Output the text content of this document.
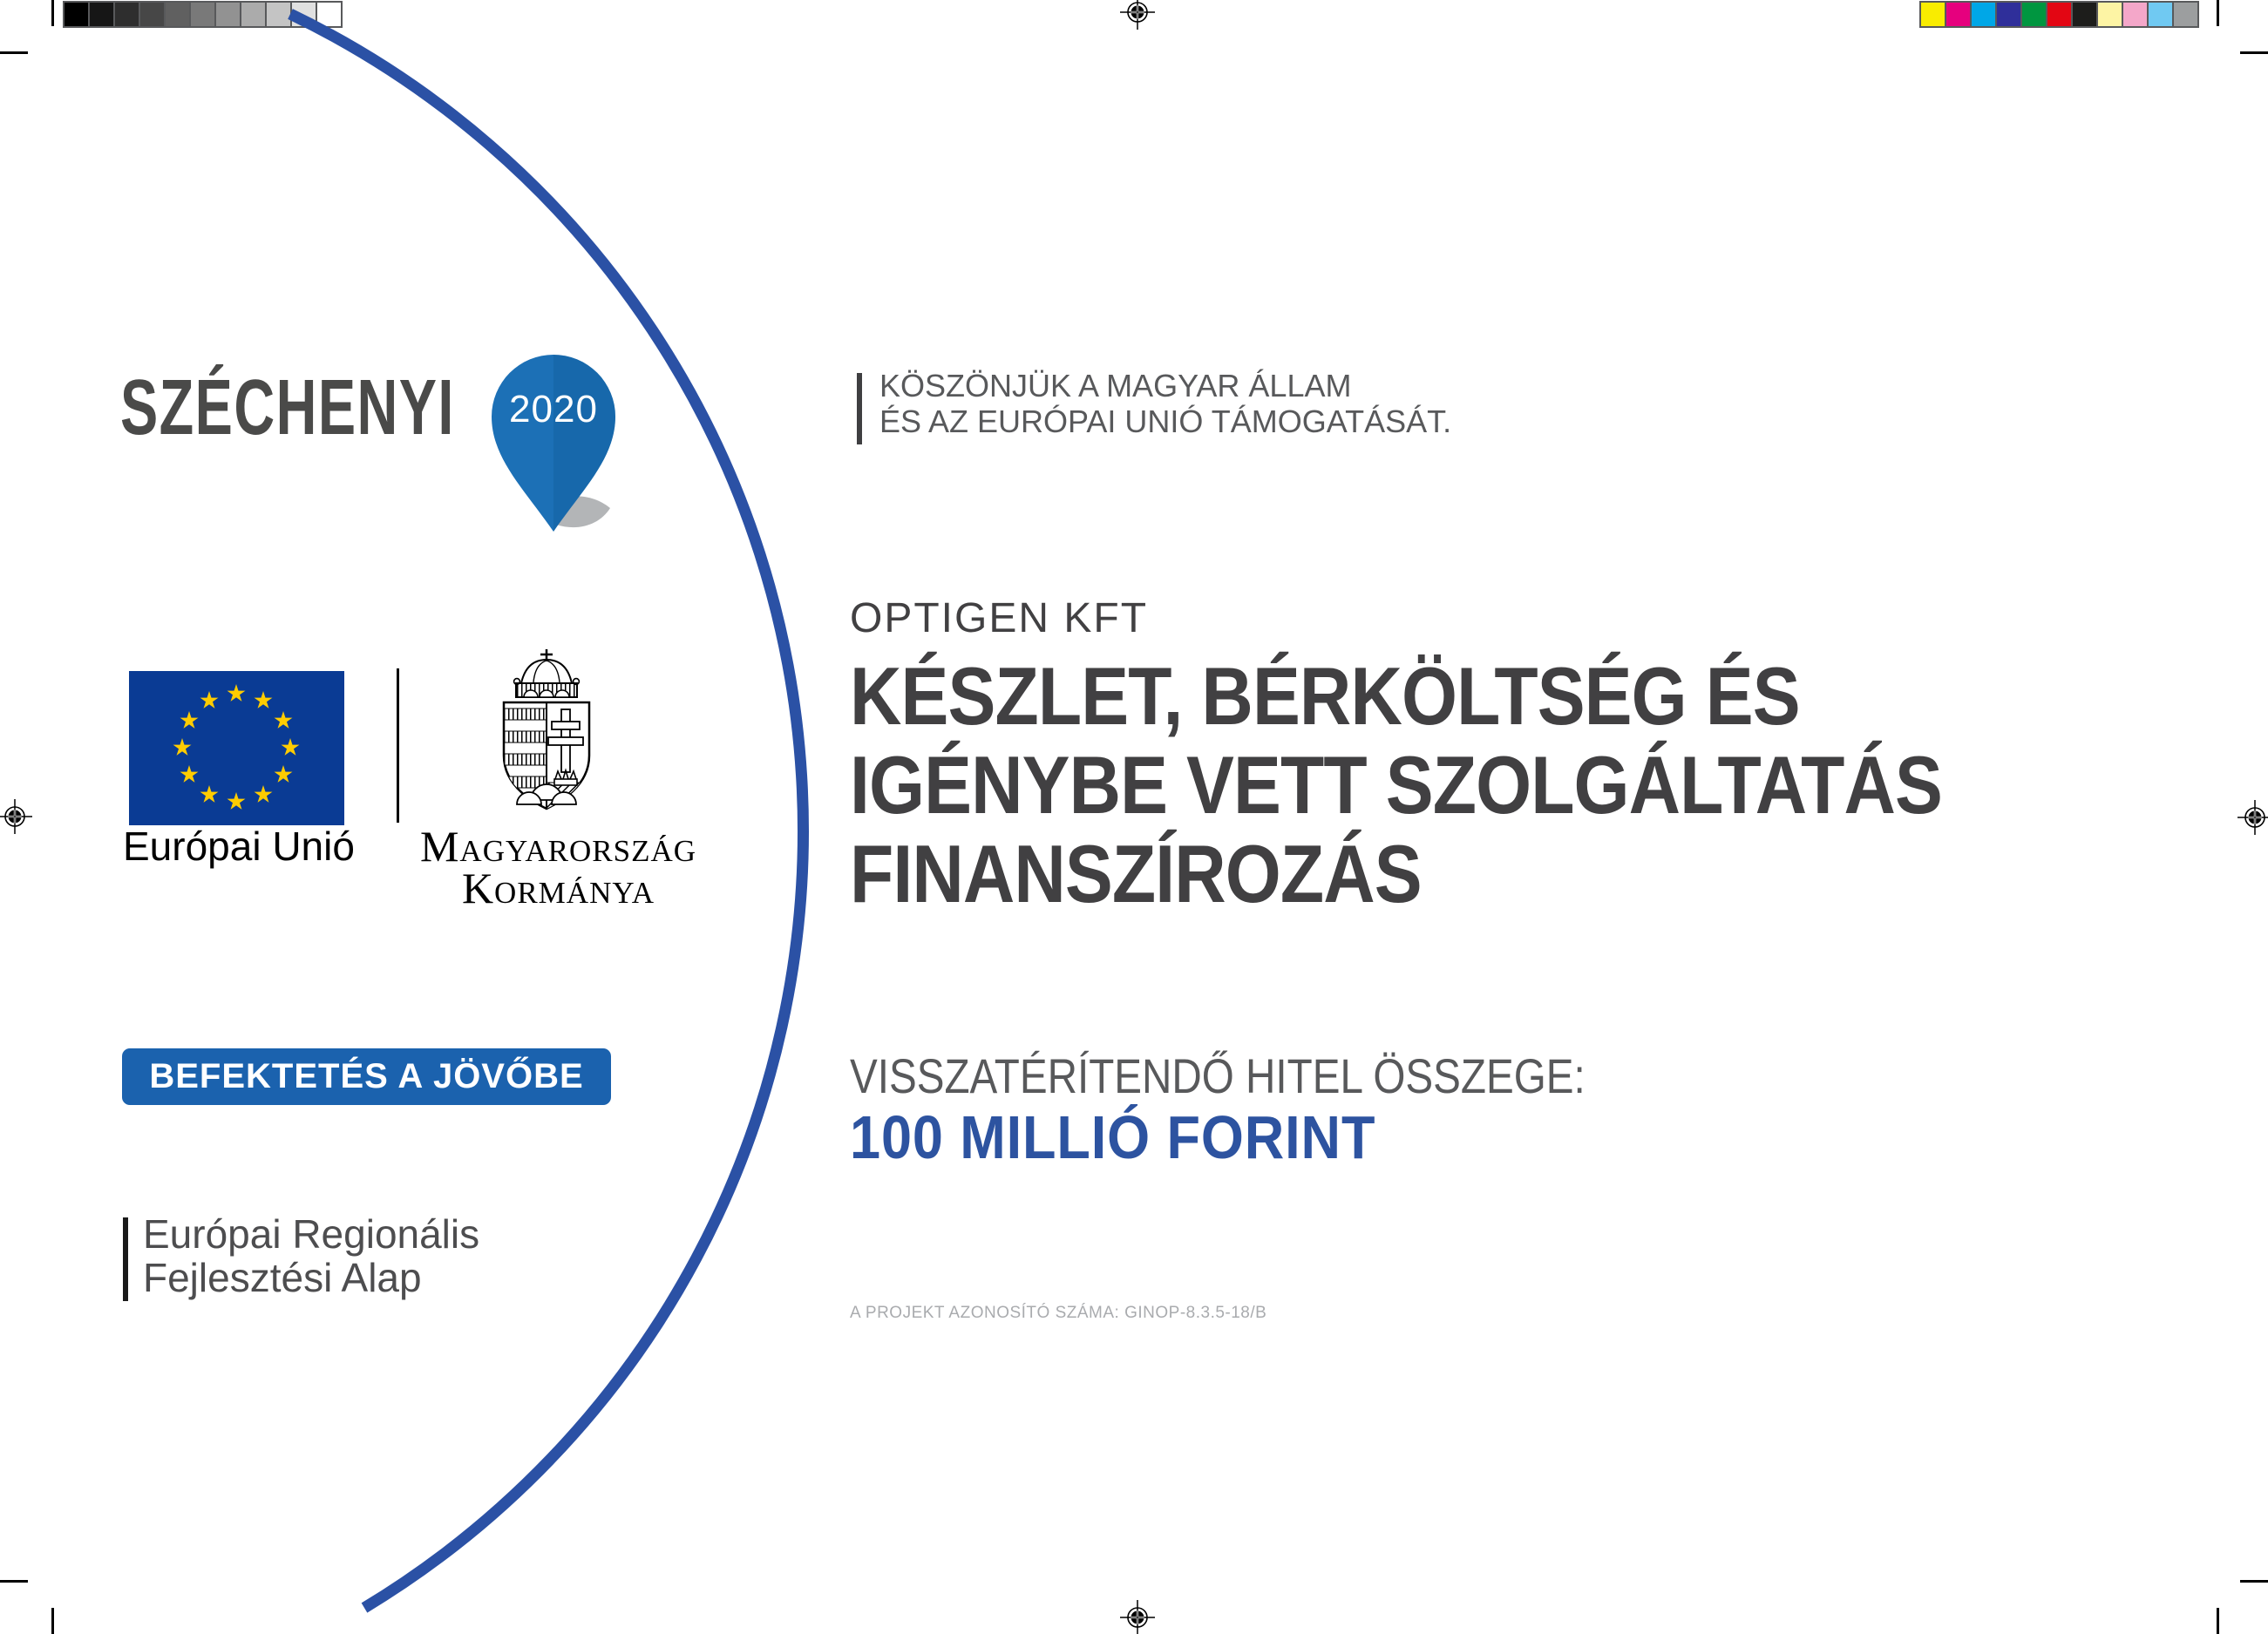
SZÉCHENYI 2020
Európai Unió	Magyarország
Kormánya
BEFEKTETÉS A JÖVŐBE
Európai Regionális
Fejlesztési Alap
KÖSZÖNJÜK A MAGYAR ÁLLAM
ÉS AZ EURÓPAI UNIÓ TÁMOGATÁSÁT.
OPTIGEN KFT
KÉSZLET, BÉRKÖLTSÉG ÉS
IGÉNYBE VETT SZOLGÁLTATÁS
FINANSZÍROZÁS
VISSZATÉRÍTENDŐ HITEL ÖSSZEGE:
100 MILLIÓ FORINT
A PROJEKT AZONOSÍTÓ SZÁMA: GINOP-8.3.5-18/B
